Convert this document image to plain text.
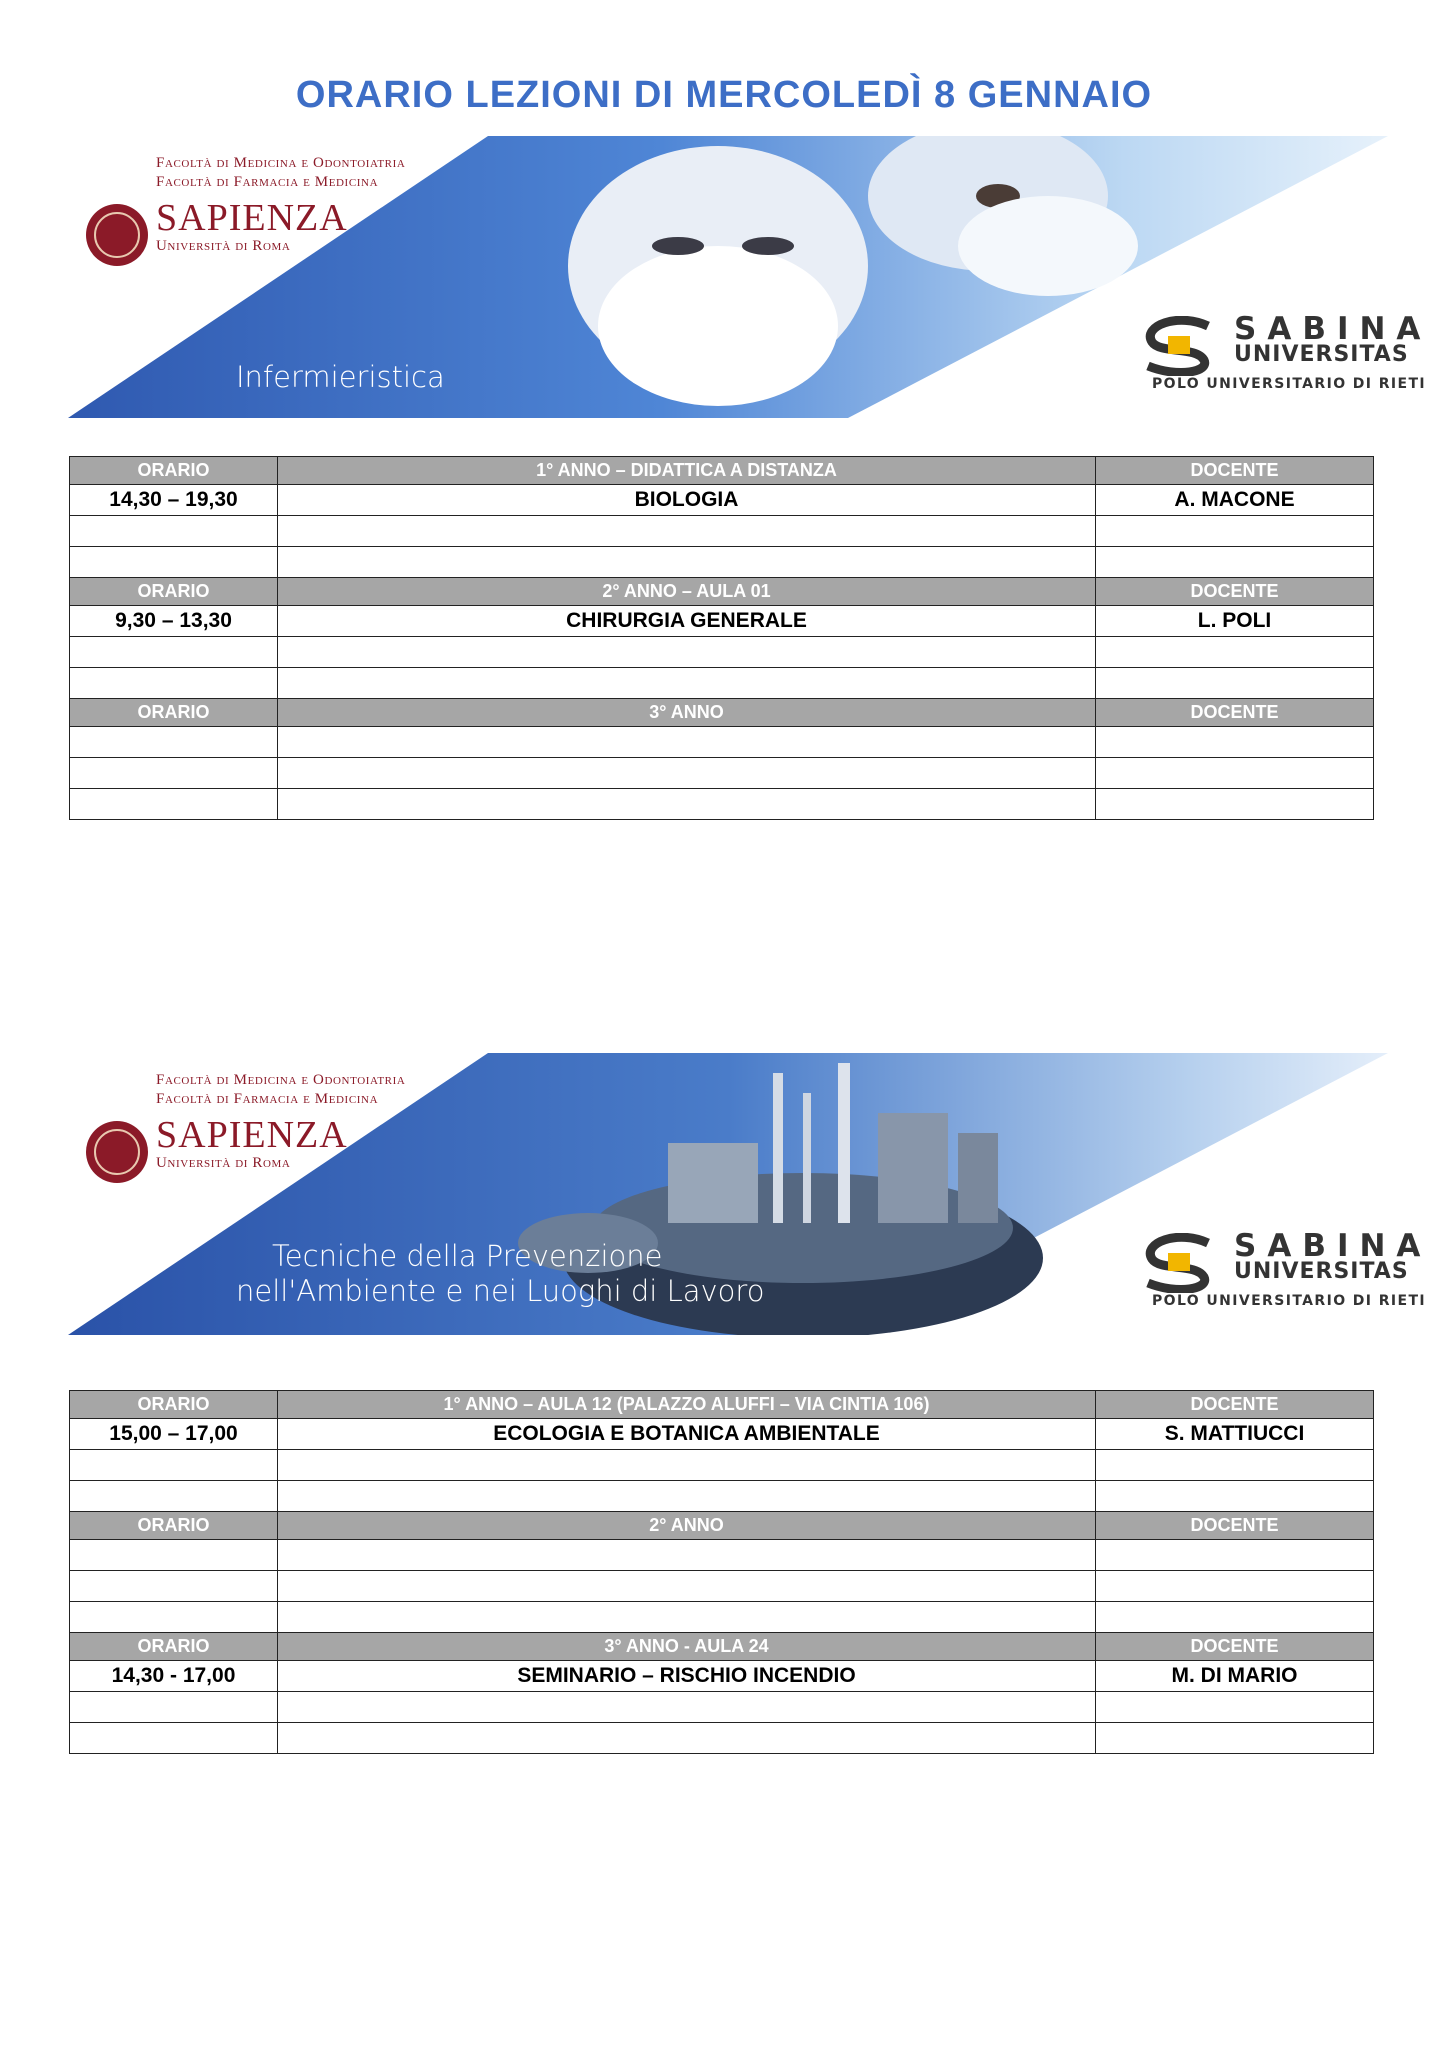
ORARIO LEZIONI DI MERCOLEDÌ 8 GENNAIO
Facoltà di Medicina e Odontoiatria
Facoltà di Farmacia e Medicina
SAPIENZA
Università di Roma
Infermieristica
SABINA
UNIVERSITAS
POLO UNIVERSITARIO DI RIETI
ORARIO	1° ANNO – DIDATTICA A DISTANZA	DOCENTE
14,30 – 19,30	BIOLOGIA	A. MACONE

ORARIO	2° ANNO – AULA 01	DOCENTE
9,30 – 13,30	CHIRURGIA GENERALE	L. POLI

ORARIO	3° ANNO	DOCENTE

Facoltà di Medicina e Odontoiatria
Facoltà di Farmacia e Medicina
SAPIENZA
Università di Roma
Tecniche della Prevenzione
nell'Ambiente e nei Luoghi di Lavoro
SABINA
UNIVERSITAS
POLO UNIVERSITARIO DI RIETI
ORARIO	1° ANNO – AULA 12 (PALAZZO ALUFFI – VIA CINTIA 106)	DOCENTE
15,00 – 17,00	ECOLOGIA E BOTANICA AMBIENTALE	S. MATTIUCCI

ORARIO	2° ANNO	DOCENTE

ORARIO	3° ANNO - AULA 24	DOCENTE
14,30 - 17,00	SEMINARIO – RISCHIO INCENDIO	M. DI MARIO
